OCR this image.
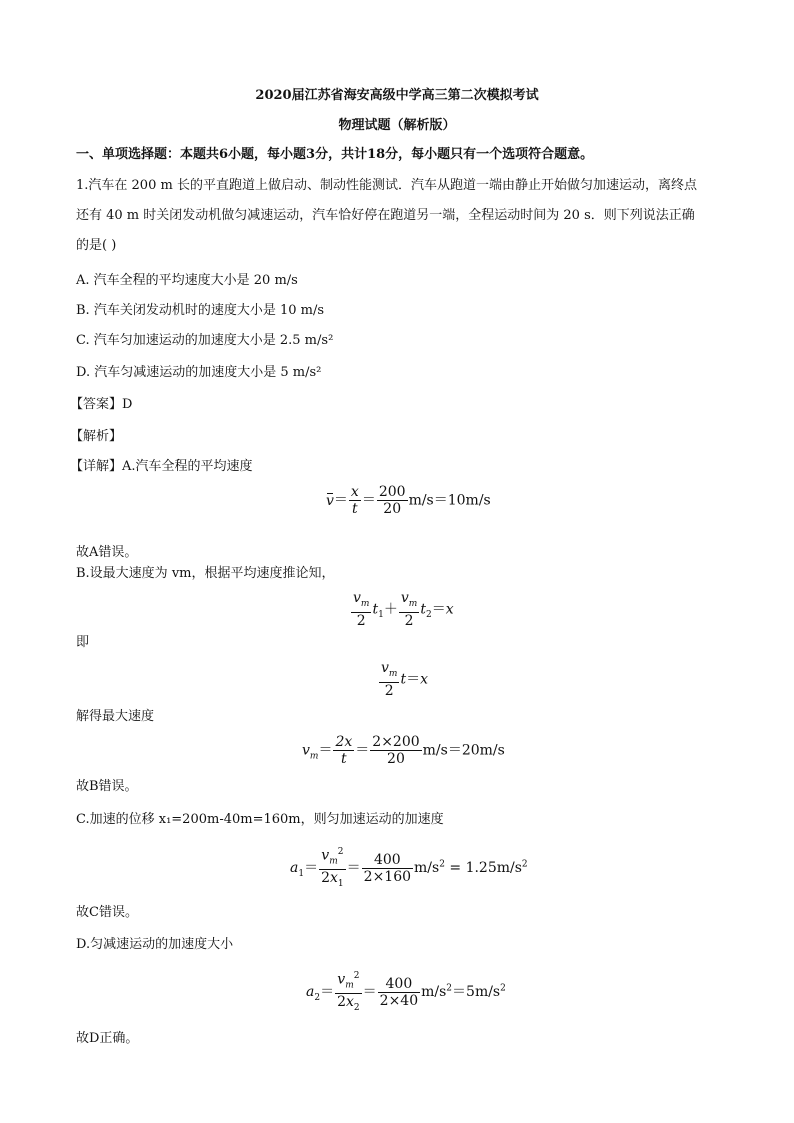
2020届江苏省海安高级中学高三第二次模拟考试
物理试题（解析版）
一、单项选择题：本题共6小题，每小题3分，共计18分，每小题只有一个选项符合题意。
1.汽车在 200 m 长的平直跑道上做启动、制动性能测试．汽车从跑道一端由静止开始做匀加速运动，离终点
还有 40 m 时关闭发动机做匀减速运动，汽车恰好停在跑道另一端，全程运动时间为 20 s．则下列说法正确
的是( )
A. 汽车全程的平均速度大小是 20 m/s
B. 汽车关闭发动机时的速度大小是 10 m/s
C. 汽车匀加速运动的加速度大小是 2.5 m/s²
D. 汽车匀减速运动的加速度大小是 5 m/s²
【答案】D
【解析】
【详解】A.汽车全程的平均速度
$v= \frac{x}{t} = \frac{200}{20} m/s=10m/s$
故A错误。
B.设最大速度为 vm，根据平均速度推论知，
$\frac{v_m}{2} t_1+ \frac{v_m}{2} t_2=x$
即
$\frac{v_m}{2} t=x$
解得最大速度
$v_m= \frac{2x}{t} = \frac{2\times 200}{20} m/s=20m/s$
故B错误。
C.加速的位移 x₁=200m-40m=160m，则匀加速运动的加速度
$a_1= \frac{v_m^2}{2x_1} = \frac{400}{2\times 160} m/s^2 = 1.25m/s^2$
故C错误。
D.匀减速运动的加速度大小
$a_2= \frac{v_m^2}{2x_2} = \frac{400}{2\times 40} m/s^2=5m/s^2$
故D正确。
